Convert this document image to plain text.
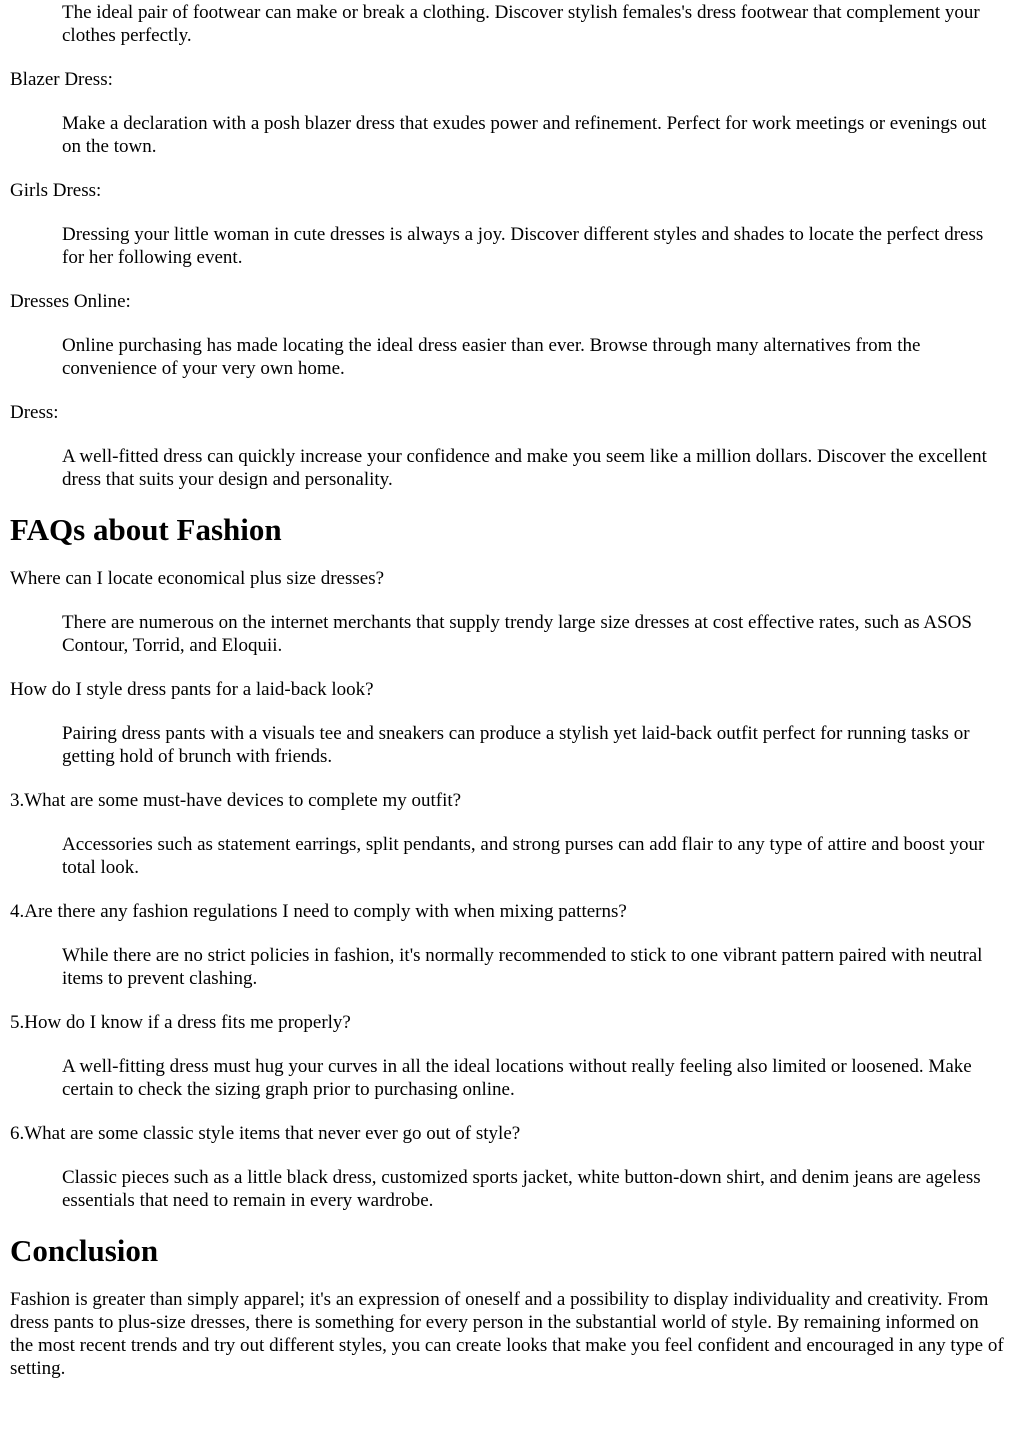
The ideal pair of footwear can make or break a clothing. Discover stylish females's dress footwear that complement your clothes perfectly.
Blazer Dress:
Make a declaration with a posh blazer dress that exudes power and refinement. Perfect for work meetings or evenings out on the town.
Girls Dress:
Dressing your little woman in cute dresses is always a joy. Discover different styles and shades to locate the perfect dress for her following event.
Dresses Online:
Online purchasing has made locating the ideal dress easier than ever. Browse through many alternatives from the convenience of your very own home.
Dress:
A well-fitted dress can quickly increase your confidence and make you seem like a million dollars. Discover the excellent dress that suits your design and personality.
FAQs about Fashion
Where can I locate economical plus size dresses?
There are numerous on the internet merchants that supply trendy large size dresses at cost effective rates, such as ASOS Contour, Torrid, and Eloquii.
How do I style dress pants for a laid-back look?
Pairing dress pants with a visuals tee and sneakers can produce a stylish yet laid-back outfit perfect for running tasks or getting hold of brunch with friends.
3.What are some must-have devices to complete my outfit?
Accessories such as statement earrings, split pendants, and strong purses can add flair to any type of attire and boost your total look.
4.Are there any fashion regulations I need to comply with when mixing patterns?
While there are no strict policies in fashion, it's normally recommended to stick to one vibrant pattern paired with neutral items to prevent clashing.
5.How do I know if a dress fits me properly?
A well-fitting dress must hug your curves in all the ideal locations without really feeling also limited or loosened. Make certain to check the sizing graph prior to purchasing online.
6.What are some classic style items that never ever go out of style?
Classic pieces such as a little black dress, customized sports jacket, white button-down shirt, and denim jeans are ageless essentials that need to remain in every wardrobe.
Conclusion

Fashion is greater than simply apparel; it's an expression of oneself and a possibility to display individuality and creativity. From dress pants to plus-size dresses, there is something for every person in the substantial world of style. By remaining informed on the most recent trends and try out different styles, you can create looks that make you feel confident and encouraged in any type of setting.
